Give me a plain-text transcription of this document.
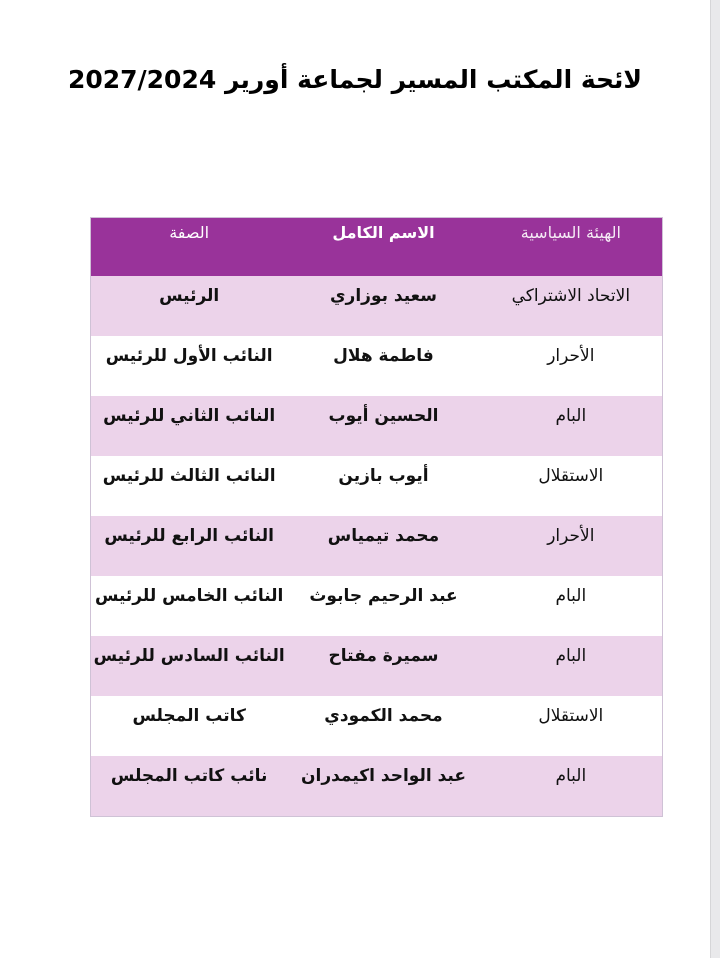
لائحة المكتب المسير لجماعة أورير 2027/2024
الصفة	الاسم الكامل	الهيئة السياسية
الرئيس	سعيد بوزاري	الاتحاد الاشتراكي
النائب الأول للرئيس	فاطمة هلال	الأحرار
النائب الثاني للرئيس	الحسين أيوب	البام
النائب الثالث للرئيس	أيوب بازين	الاستقلال
النائب الرابع للرئيس	محمد تيمياس	الأحرار
النائب الخامس للرئيس	عبد الرحيم جابوث	البام
النائب السادس للرئيس	سميرة مفتاح	البام
كاتب المجلس	محمد الكمودي	الاستقلال
نائب كاتب المجلس	عبد الواحد اكيمدران	البام
